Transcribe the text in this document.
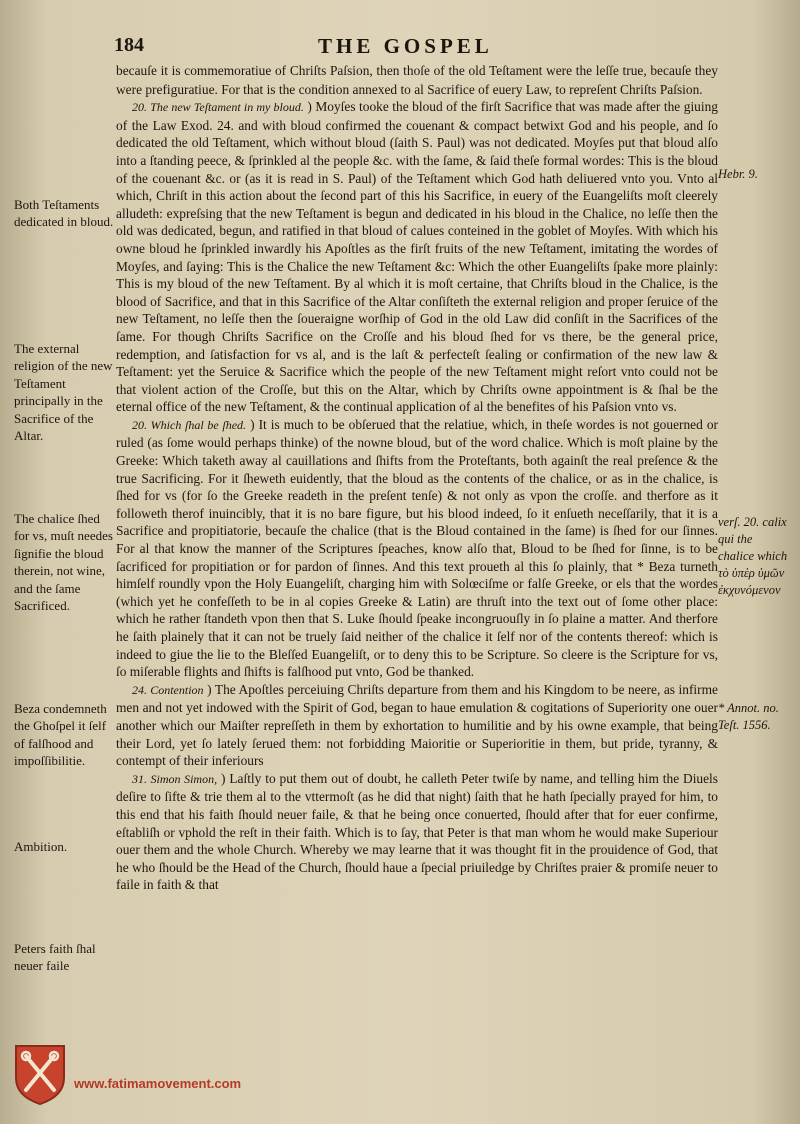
184	THE GOSPEL

becauſe it is commemoratiue of Chriſts Paſsion, then thoſe of the old Teſtament were the leſſe true, becauſe they were prefiguratiue. For that is the condition annexed to al Sacrifice of euery Law, to repreſent Chriſts Paſsion.

20. The new Teſtament in my bloud. ) Moyſes tooke the bloud of the firſt Sacrifice that was made after the giuing of the Law Exod. 24. and with bloud confirmed the couenant & compact betwixt God and his people, and ſo dedicated the old Teſtament, which without bloud (ſaith S. Paul) was not dedicated. Moyſes put that bloud alſo into a ſtanding peece, & ſprinkled al the people &c. with the ſame, & ſaid theſe formal wordes: This is the bloud of the couenant &c. or (as it is read in S. Paul) of the Teſtament which God hath deliuered vnto you. Vnto al which, Chriſt in this action about the ſecond part of this his Sacrifice, in euery of the Euangeliſts moſt cleerely alludeth: expreſsing that the new Teſtament is begun and dedicated in his bloud in the Chalice, no leſſe then the old was dedicated, begun, and ratified in that bloud of calues conteined in the goblet of Moyſes. With which his owne bloud he ſprinkled inwardly his Apoſtles as the firſt fruits of the new Teſtament, imitating the wordes of Moyſes, and ſaying: This is the Chalice the new Teſtament &c: Which the other Euangeliſts ſpake more plainly: This is my bloud of the new Teſtament. By al which it is moſt certaine, that Chriſts bloud in the Chalice, is the blood of Sacrifice, and that in this Sacrifice of the Altar conſiſteth the external religion and proper ſeruice of the new Teſtament, no leſſe then the ſoueraigne worſhip of God in the old Law did conſiſt in the Sacrifices of the ſame. For though Chriſts Sacrifice on the Croſſe and his bloud ſhed for vs there, be the general price, redemption, and ſatisfaction for vs al, and is the laſt & perfecteſt ſealing or confirmation of the new law & Teſtament: yet the Seruice & Sacrifice which the people of the new Teſtament might reſort vnto could not be that violent action of the Croſſe, but this on the Altar, which by Chriſts owne appointment is & ſhal be the eternal office of the new Teſtament, & the continual application of al the benefites of his Paſsion vnto vs.

20. Which ſhal be ſhed. ) It is much to be obſerued that the relatiue, which, in theſe wordes is not gouerned or ruled (as ſome would perhaps thinke) of the nowne bloud, but of the word chalice. Which is moſt plaine by the Greeke: Which taketh away al cauillations and ſhifts from the Proteſtants, both againſt the real preſence & the true Sacrificing. For it ſheweth euidently, that the bloud as the contents of the chalice, or as in the chalice, is ſhed for vs (for ſo the Greeke readeth in the preſent tenſe) & not only as vpon the croſſe. and therfore as it followeth therof inuincibly, that it is no bare figure, but his blood indeed, ſo it enſueth neceſſarily, that it is a Sacrifice and propitiatorie, becauſe the chalice (that is the Bloud contained in the ſame) is ſhed for our ſinnes. For al that know the manner of the Scriptures ſpeaches, know alſo that, Bloud to be ſhed for ſinne, is to be ſacrificed for propitiation or for pardon of ſinnes. And this text proueth al this ſo plainly, that * Beza turneth himſelf roundly vpon the Holy Euangeliſt, charging him with Solœciſme or falſe Greeke, or els that the wordes (which yet he confeſſeth to be in al copies Greeke & Latin) are thruſt into the text out of ſome other place: which he rather ſtandeth vpon then that S. Luke ſhould ſpeake incongruouſly in ſo plaine a matter. And therfore he ſaith plainely that it can not be truely ſaid neither of the chalice it ſelf nor of the contents thereof: which is indeed to giue the lie to the Bleſſed Euangeliſt, or to deny this to be Scripture. So cleere is the Scripture for vs, ſo miſerable flights and ſhifts is falſhood put vnto, God be thanked.

24. Contention ) The Apoſtles perceiuing Chriſts departure from them and his Kingdom to be neere, as infirme men and not yet indowed with the Spirit of God, began to haue emulation & cogitations of Superiority one ouer another which our Maiſter repreſſeth in them by exhortation to humilitie and by his owne example, that being their Lord, yet ſo lately ſerued them: not forbidding Maioritie or Superioritie in them, but pride, tyranny, & contempt of their inferiours

31. Simon Simon, ) Laſtly to put them out of doubt, he calleth Peter twiſe by name, and telling him the Diuels deſire to ſifte & trie them al to the vttermoſt (as he did that night) ſaith that he hath ſpecially prayed for him, to this end that his faith ſhould neuer faile, & that he being once conuerted, ſhould after that for euer confirme, eſtabliſh or vphold the reſt in their faith. Which is to ſay, that Peter is that man whom he would make Superiour ouer them and the whole Church. Whereby we may learne that it was thought fit in the prouidence of God, that he who ſhould be the Head of the Church, ſhould haue a ſpecial priuiledge by Chriſtes praier & promiſe neuer to faile in faith & that

Both Teſtaments dedicated in bloud.
The external religion of the new Teſtament principally in the Sacrifice of the Altar.
The chalice ſhed for vs, muſt needes ſignifie the bloud therein, not wine, and the ſame Sacrificed.
Beza condemneth the Ghoſpel it ſelf of falſhood and impoſſibilitie.
Ambition.
Peters faith ſhal neuer faile
Hebr. 9.
verſ. 20. calix qui the chalice which τὸ ὑπὲρ ὑμῶν ἐκχυνόμενον
* Annot. no. Teſt. 1556.
www.fatimamovement.com
